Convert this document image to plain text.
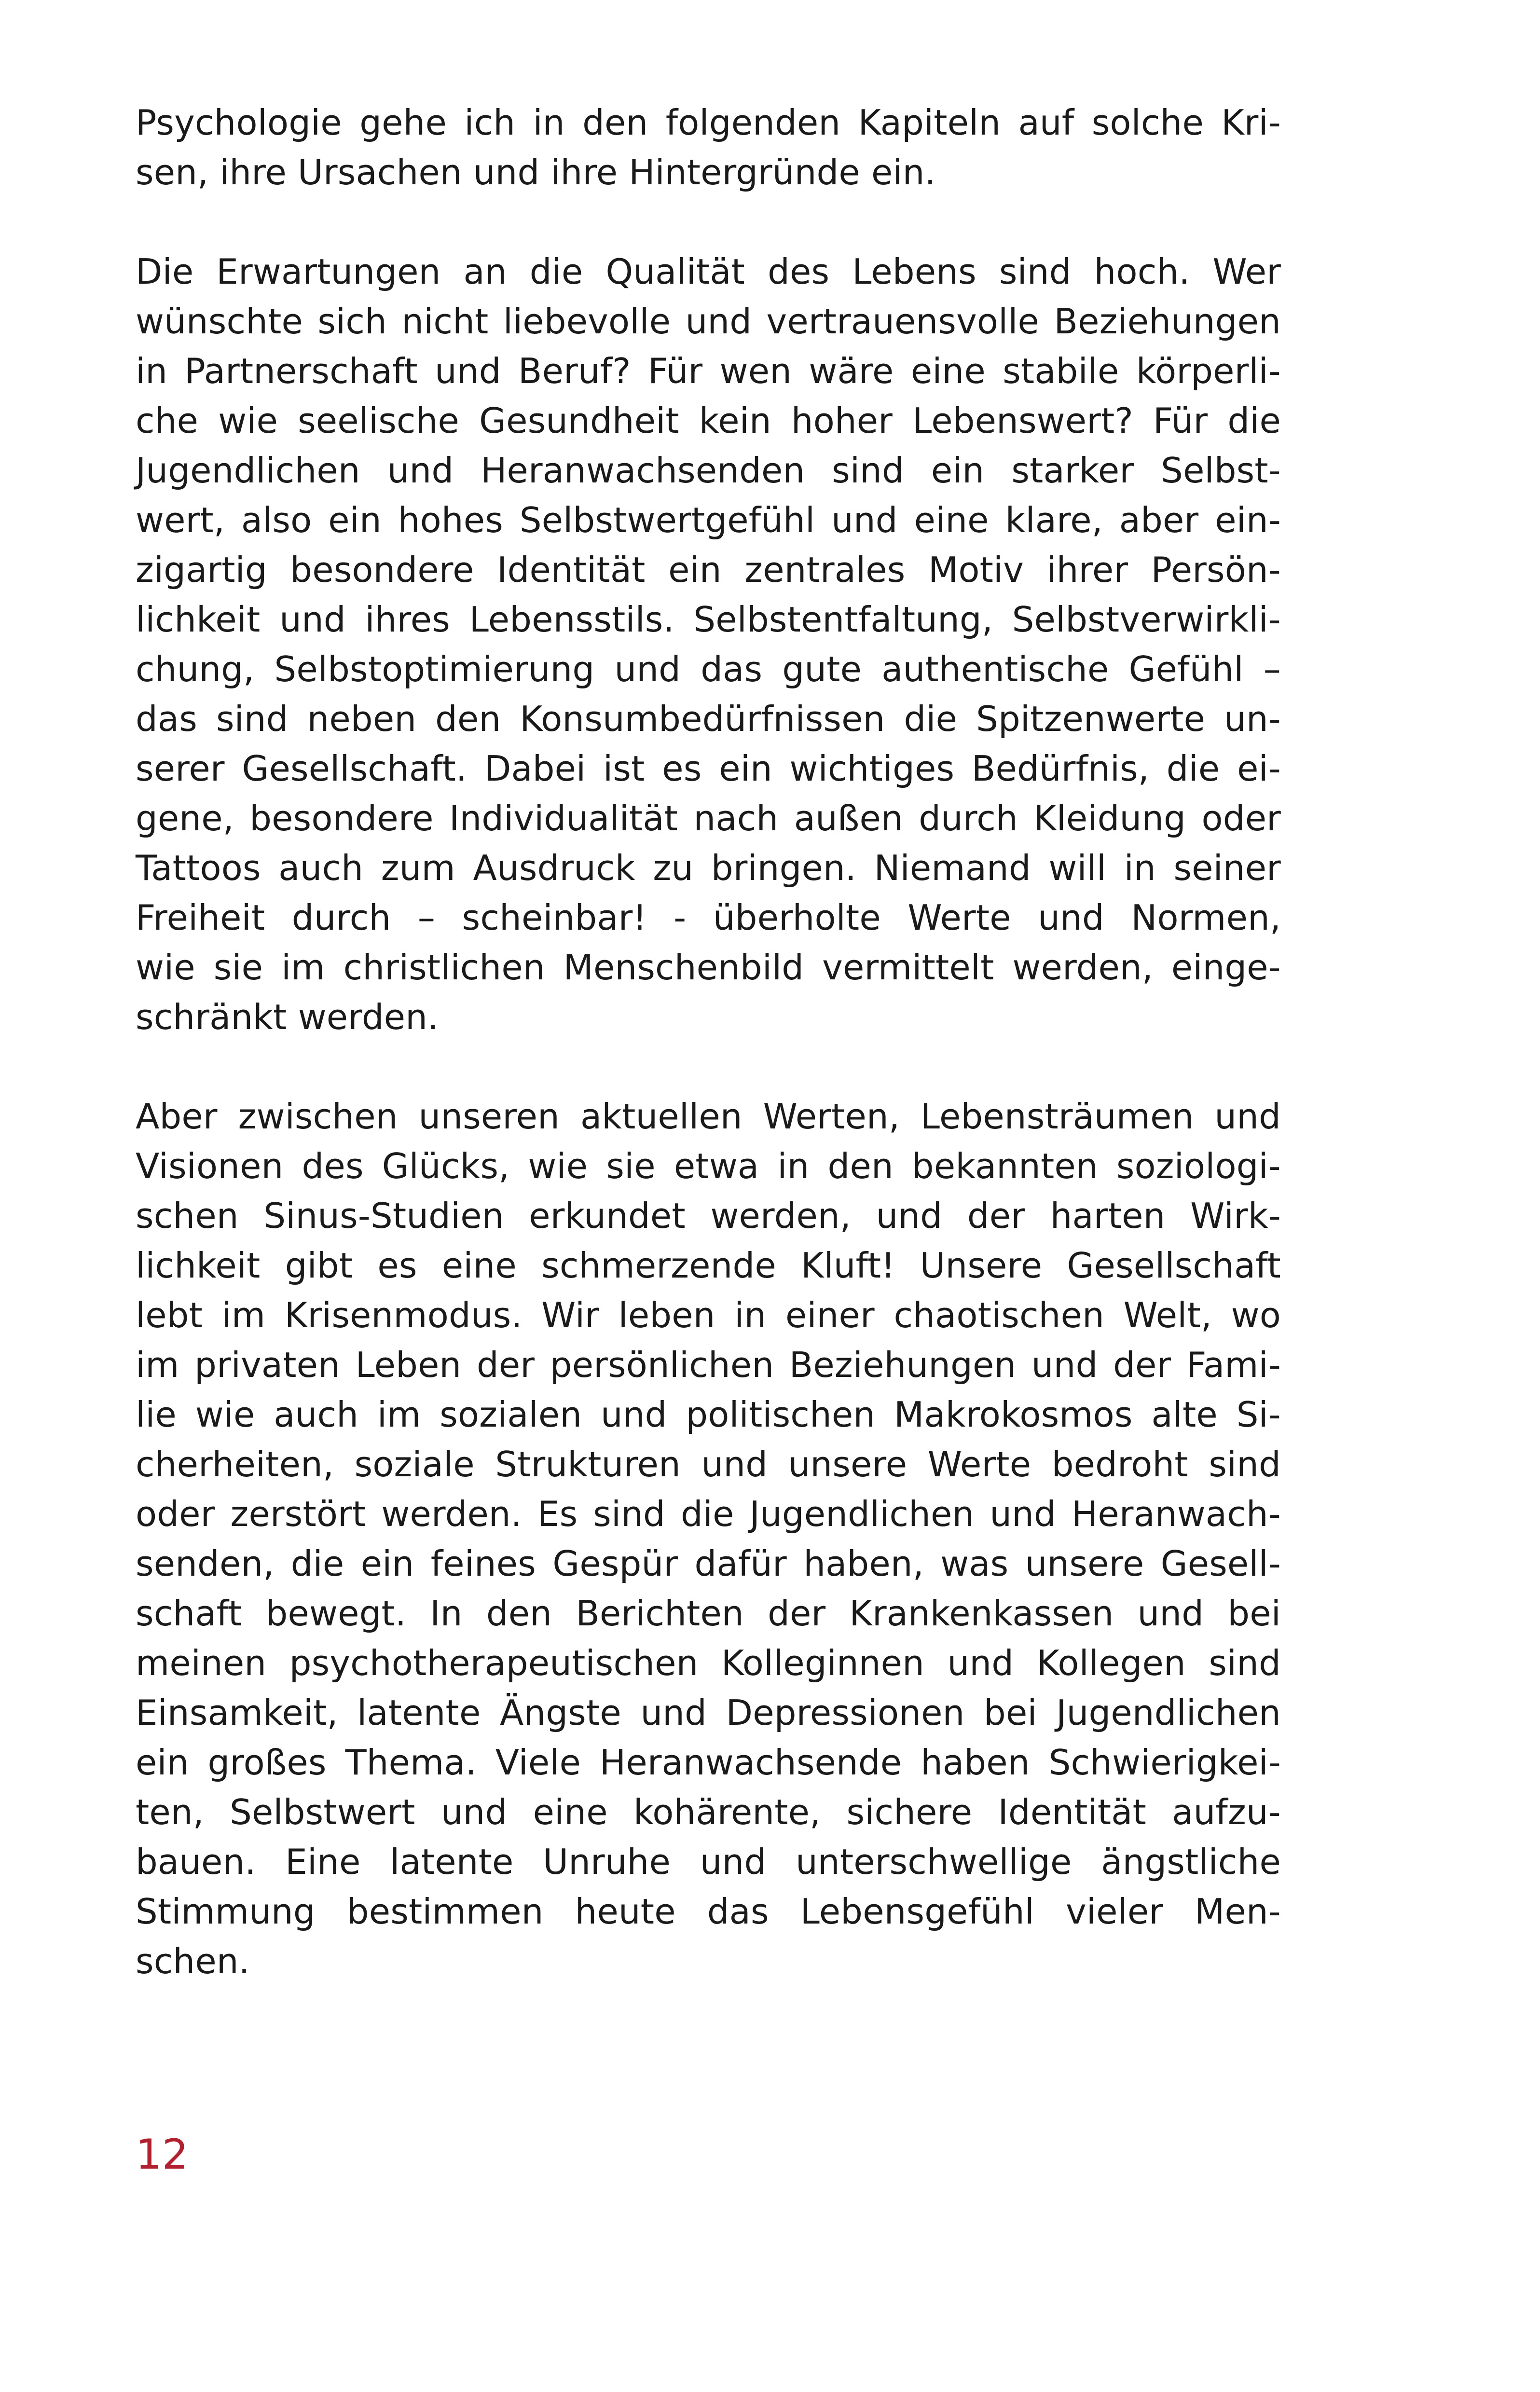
Psychologie gehe ich in den folgenden Kapiteln auf solche Kri-
sen, ihre Ursachen und ihre Hintergründe ein.
Die Erwartungen an die Qualität des Lebens sind hoch. Wer
wünschte sich nicht liebevolle und vertrauensvolle Beziehungen
in Partnerschaft und Beruf? Für wen wäre eine stabile körperli-
che wie seelische Gesundheit kein hoher Lebenswert? Für die
Jugendlichen und Heranwachsenden sind ein starker Selbst-
wert, also ein hohes Selbstwertgefühl und eine klare, aber ein-
zigartig besondere Identität ein zentrales Motiv ihrer Persön-
lichkeit und ihres Lebensstils. Selbstentfaltung, Selbstverwirkli-
chung, Selbstoptimierung und das gute authentische Gefühl –
das sind neben den Konsumbedürfnissen die Spitzenwerte un-
serer Gesellschaft. Dabei ist es ein wichtiges Bedürfnis, die ei-
gene, besondere Individualität nach außen durch Kleidung oder
Tattoos auch zum Ausdruck zu bringen. Niemand will in seiner
Freiheit durch – scheinbar! - überholte Werte und Normen,
wie sie im christlichen Menschenbild vermittelt werden, einge-
schränkt werden.
Aber zwischen unseren aktuellen Werten, Lebensträumen und
Visionen des Glücks, wie sie etwa in den bekannten soziologi-
schen Sinus-Studien erkundet werden, und der harten Wirk-
lichkeit gibt es eine schmerzende Kluft! Unsere Gesellschaft
lebt im Krisenmodus. Wir leben in einer chaotischen Welt, wo
im privaten Leben der persönlichen Beziehungen und der Fami-
lie wie auch im sozialen und politischen Makrokosmos alte Si-
cherheiten, soziale Strukturen und unsere Werte bedroht sind
oder zerstört werden. Es sind die Jugendlichen und Heranwach-
senden, die ein feines Gespür dafür haben, was unsere Gesell-
schaft bewegt. In den Berichten der Krankenkassen und bei
meinen psychotherapeutischen Kolleginnen und Kollegen sind
Einsamkeit, latente Ängste und Depressionen bei Jugendlichen
ein großes Thema. Viele Heranwachsende haben Schwierigkei-
ten, Selbstwert und eine kohärente, sichere Identität aufzu-
bauen. Eine latente Unruhe und unterschwellige ängstliche
Stimmung bestimmen heute das Lebensgefühl vieler Men-
schen.
12
